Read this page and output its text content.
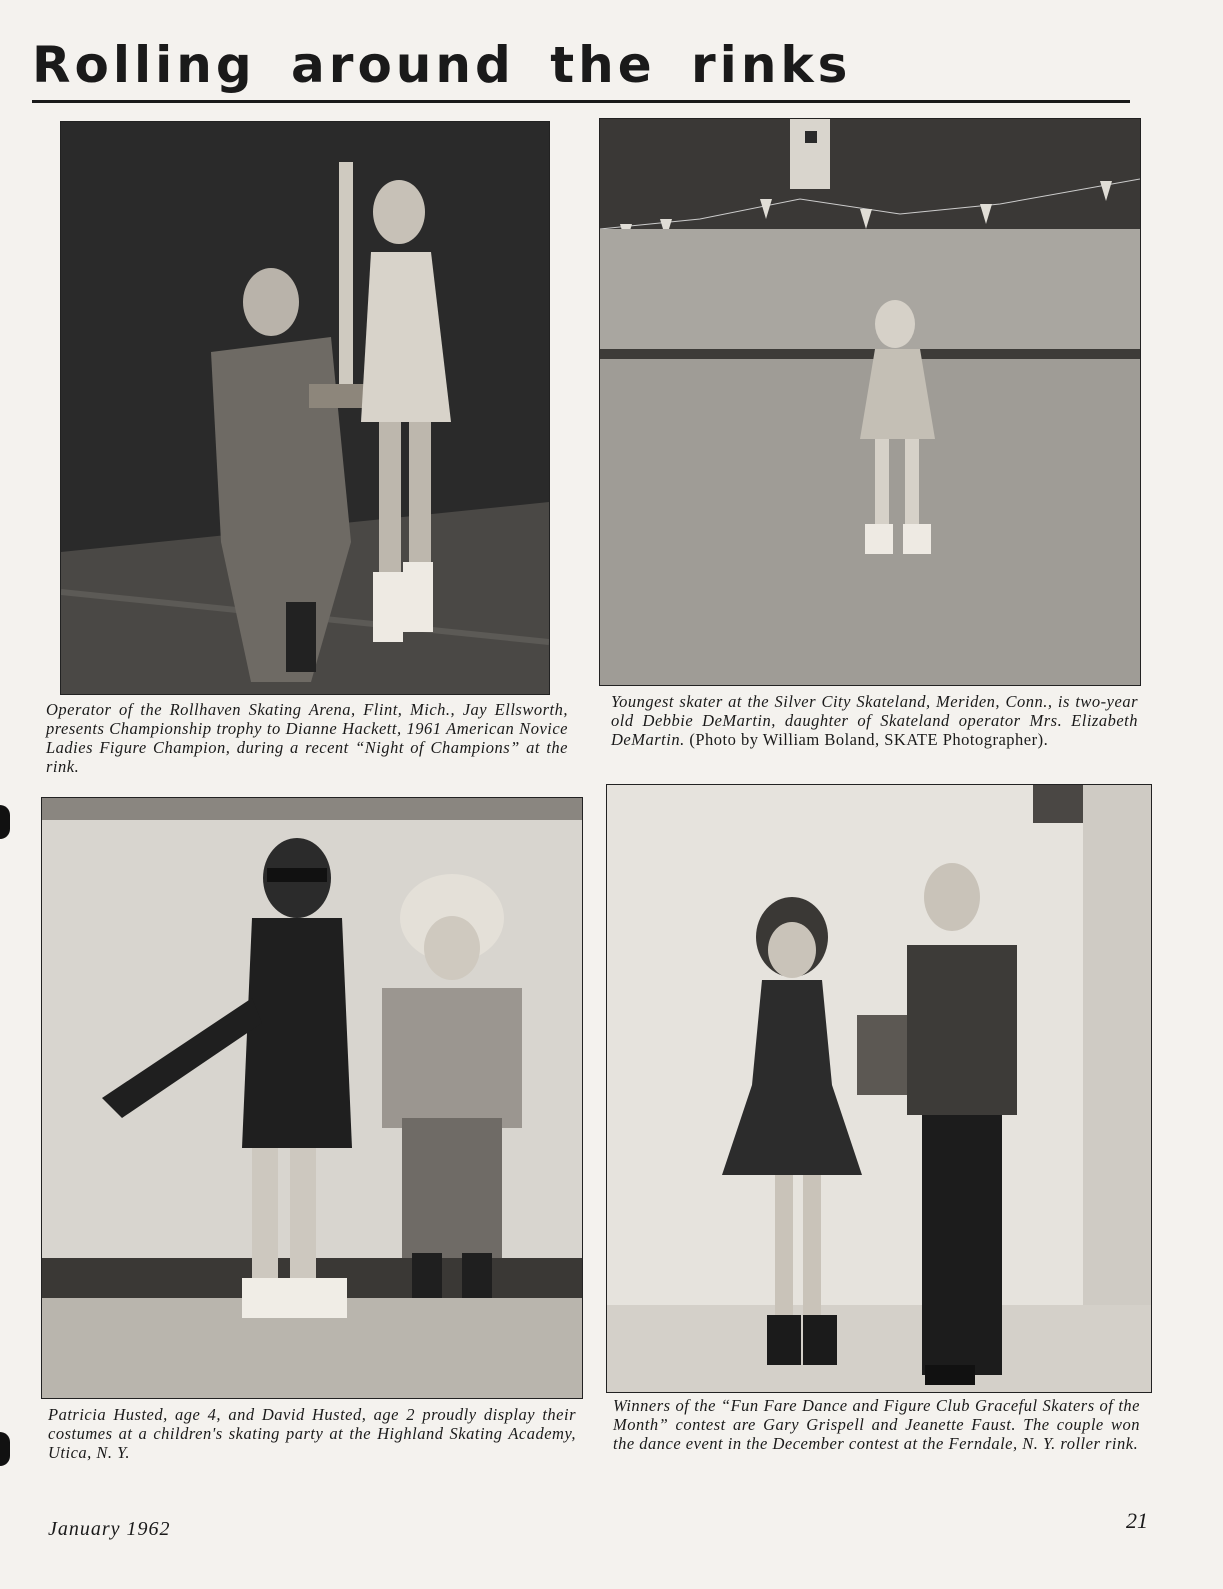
Rolling around the rinks

Operator of the Rollhaven Skating Arena, Flint, Mich., Jay Ellsworth, presents Championship trophy to Dianne Hackett, 1961 American Novice Ladies Figure Champion, during a recent “Night of Champions” at the rink.

Youngest skater at the Silver City Skateland, Meriden, Conn., is two-year old Debbie DeMartin, daughter of Skateland operator Mrs. Elizabeth DeMartin. (Photo by William Boland, SKATE Photographer).

Patricia Husted, age 4, and David Husted, age 2 proudly display their costumes at a children's skating party at the Highland Skating Academy, Utica, N. Y.

Winners of the “Fun Fare Dance and Figure Club Graceful Skaters of the Month” contest are Gary Grispell and Jeanette Faust. The couple won the dance event in the December contest at the Ferndale, N. Y. roller rink.

January 1962	21
